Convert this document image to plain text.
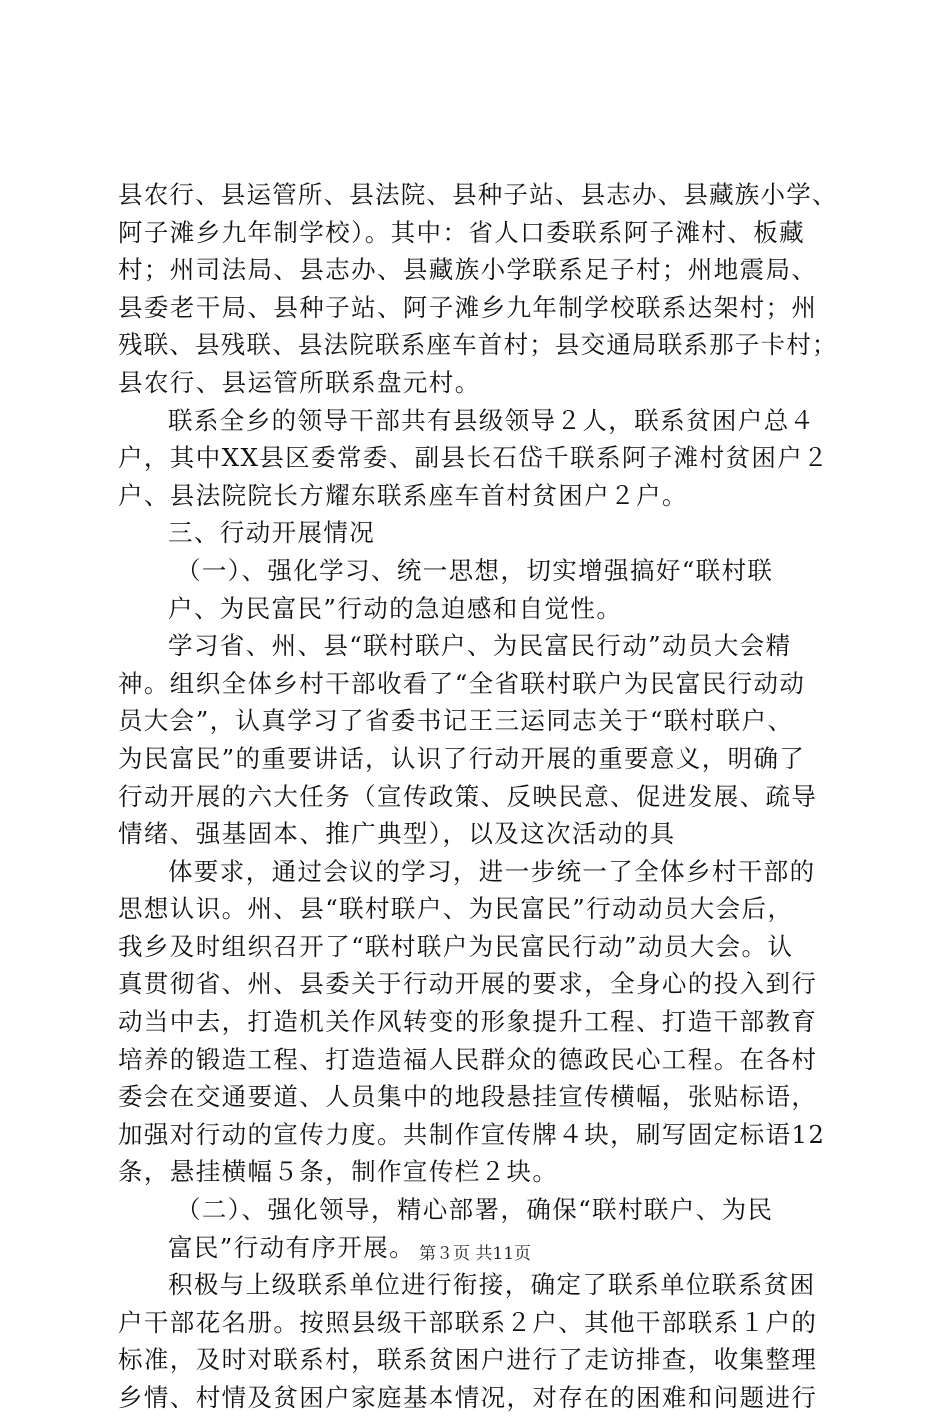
县农行、县运管所、县法院、县种子站、县志办、县藏族小学、
阿子滩乡九年制学校）。其中：省人口委联系阿子滩村、板藏
村；州司法局、县志办、县藏族小学联系足子村；州地震局、
县委老干局、县种子站、阿子滩乡九年制学校联系达架村；州
残联、县残联、县法院联系座车首村；县交通局联系那子卡村；
县农行、县运管所联系盘元村。
联系全乡的领导干部共有县级领导２人，联系贫困户总４
户，其中XX县区委常委、副县长石岱千联系阿子滩村贫困户２
户、县法院院长方耀东联系座车首村贫困户２户。
三、行动开展情况
（一）、强化学习、统一思想，切实增强搞好“联村联
户、为民富民”行动的急迫感和自觉性。
学习省、州、县“联村联户、为民富民行动”动员大会精
神。组织全体乡村干部收看了“全省联村联户为民富民行动动
员大会”，认真学习了省委书记王三运同志关于“联村联户、
为民富民”的重要讲话，认识了行动开展的重要意义，明确了
行动开展的六大任务（宣传政策、反映民意、促进发展、疏导
情绪、强基固本、推广典型），以及这次活动的具
体要求，通过会议的学习，进一步统一了全体乡村干部的
思想认识。州、县“联村联户、为民富民”行动动员大会后，
我乡及时组织召开了“联村联户为民富民行动”动员大会。认
真贯彻省、州、县委关于行动开展的要求，全身心的投入到行
动当中去，打造机关作风转变的形象提升工程、打造干部教育
培养的锻造工程、打造造福人民群众的德政民心工程。在各村
委会在交通要道、人员集中的地段悬挂宣传横幅，张贴标语，
加强对行动的宣传力度。共制作宣传牌４块，刷写固定标语12
条，悬挂横幅５条，制作宣传栏２块。
（二）、强化领导，精心部署，确保“联村联户、为民
富民”行动有序开展。
积极与上级联系单位进行衔接，确定了联系单位联系贫困
户干部花名册。按照县级干部联系２户、其他干部联系１户的
标准，及时对联系村，联系贫困户进行了走访排查，收集整理
乡情、村情及贫困户家庭基本情况，对存在的困难和问题进行
第３页 共11页
